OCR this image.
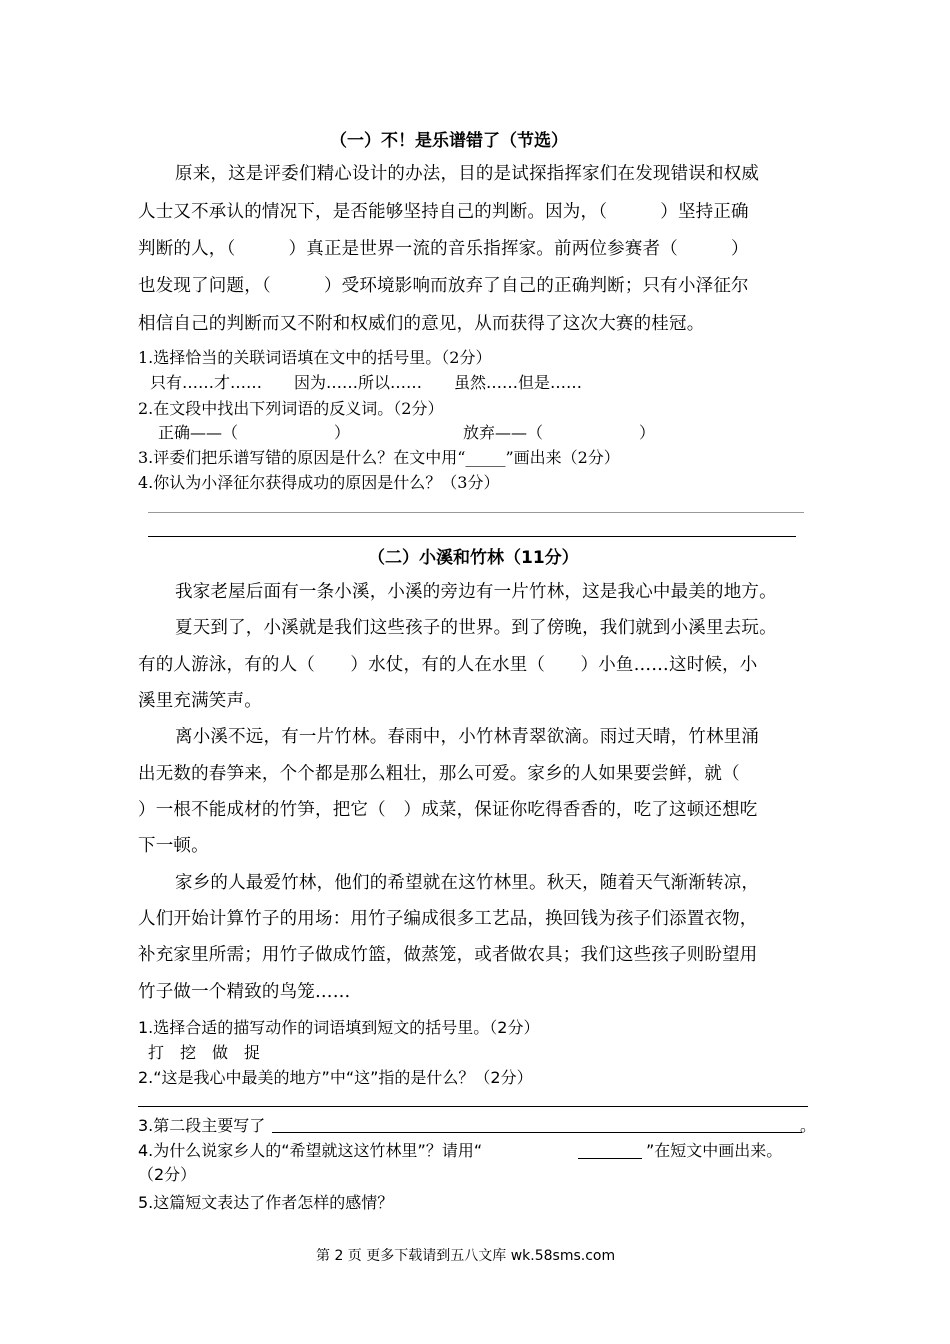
（一）不！是乐谱错了（节选）
原来，这是评委们精心设计的办法，目的是试探指挥家们在发现错误和权威
人士又不承认的情况下，是否能够坚持自己的判断。因为，（　　　）坚持正确
判断的人，（　　　）真正是世界一流的音乐指挥家。前两位参赛者（　　　）
也发现了问题，（　　　）受环境影响而放弃了自己的正确判断；只有小泽征尔
相信自己的判断而又不附和权威们的意见，从而获得了这次大赛的桂冠。
1.选择恰当的关联词语填在文中的括号里。（2分）
只有……才……　　因为……所以……　　虽然……但是……
2.在文段中找出下列词语的反义词。（2分）
正确——（　　　　　　）	放弃——（　　　　　　）
3.评委们把乐谱写错的原因是什么？在文中用“_____”画出来（2分）
4.你认为小泽征尔获得成功的原因是什么？（3分）
（二）小溪和竹林（11分）
我家老屋后面有一条小溪，小溪的旁边有一片竹林，这是我心中最美的地方。
夏天到了，小溪就是我们这些孩子的世界。到了傍晚，我们就到小溪里去玩。
有的人游泳，有的人（　　）水仗，有的人在水里（　　）小鱼……这时候，小
溪里充满笑声。
离小溪不远，有一片竹林。春雨中，小竹林青翠欲滴。雨过天晴，竹林里涌
出无数的春笋来，个个都是那么粗壮，那么可爱。家乡的人如果要尝鲜，就（
）一根不能成材的竹笋，把它（　）成菜，保证你吃得香香的，吃了这顿还想吃
下一顿。
家乡的人最爱竹林，他们的希望就在这竹林里。秋天，随着天气渐渐转凉，
人们开始计算竹子的用场：用竹子编成很多工艺品，换回钱为孩子们添置衣物，
补充家里所需；用竹子做成竹篮，做蒸笼，或者做农具；我们这些孩子则盼望用
竹子做一个精致的鸟笼……
1.选择合适的描写动作的词语填到短文的括号里。（2分）
打　挖　做　捉
2.“这是我心中最美的地方”中“这”指的是什么？（2分）
3.第二段主要写了	。
4.为什么说家乡人的“希望就这这竹林里”？请用“	”在短文中画出来。
（2分）
5.这篇短文表达了作者怎样的感情？
第 2 页 更多下载请到五八文库 wk.58sms.com
